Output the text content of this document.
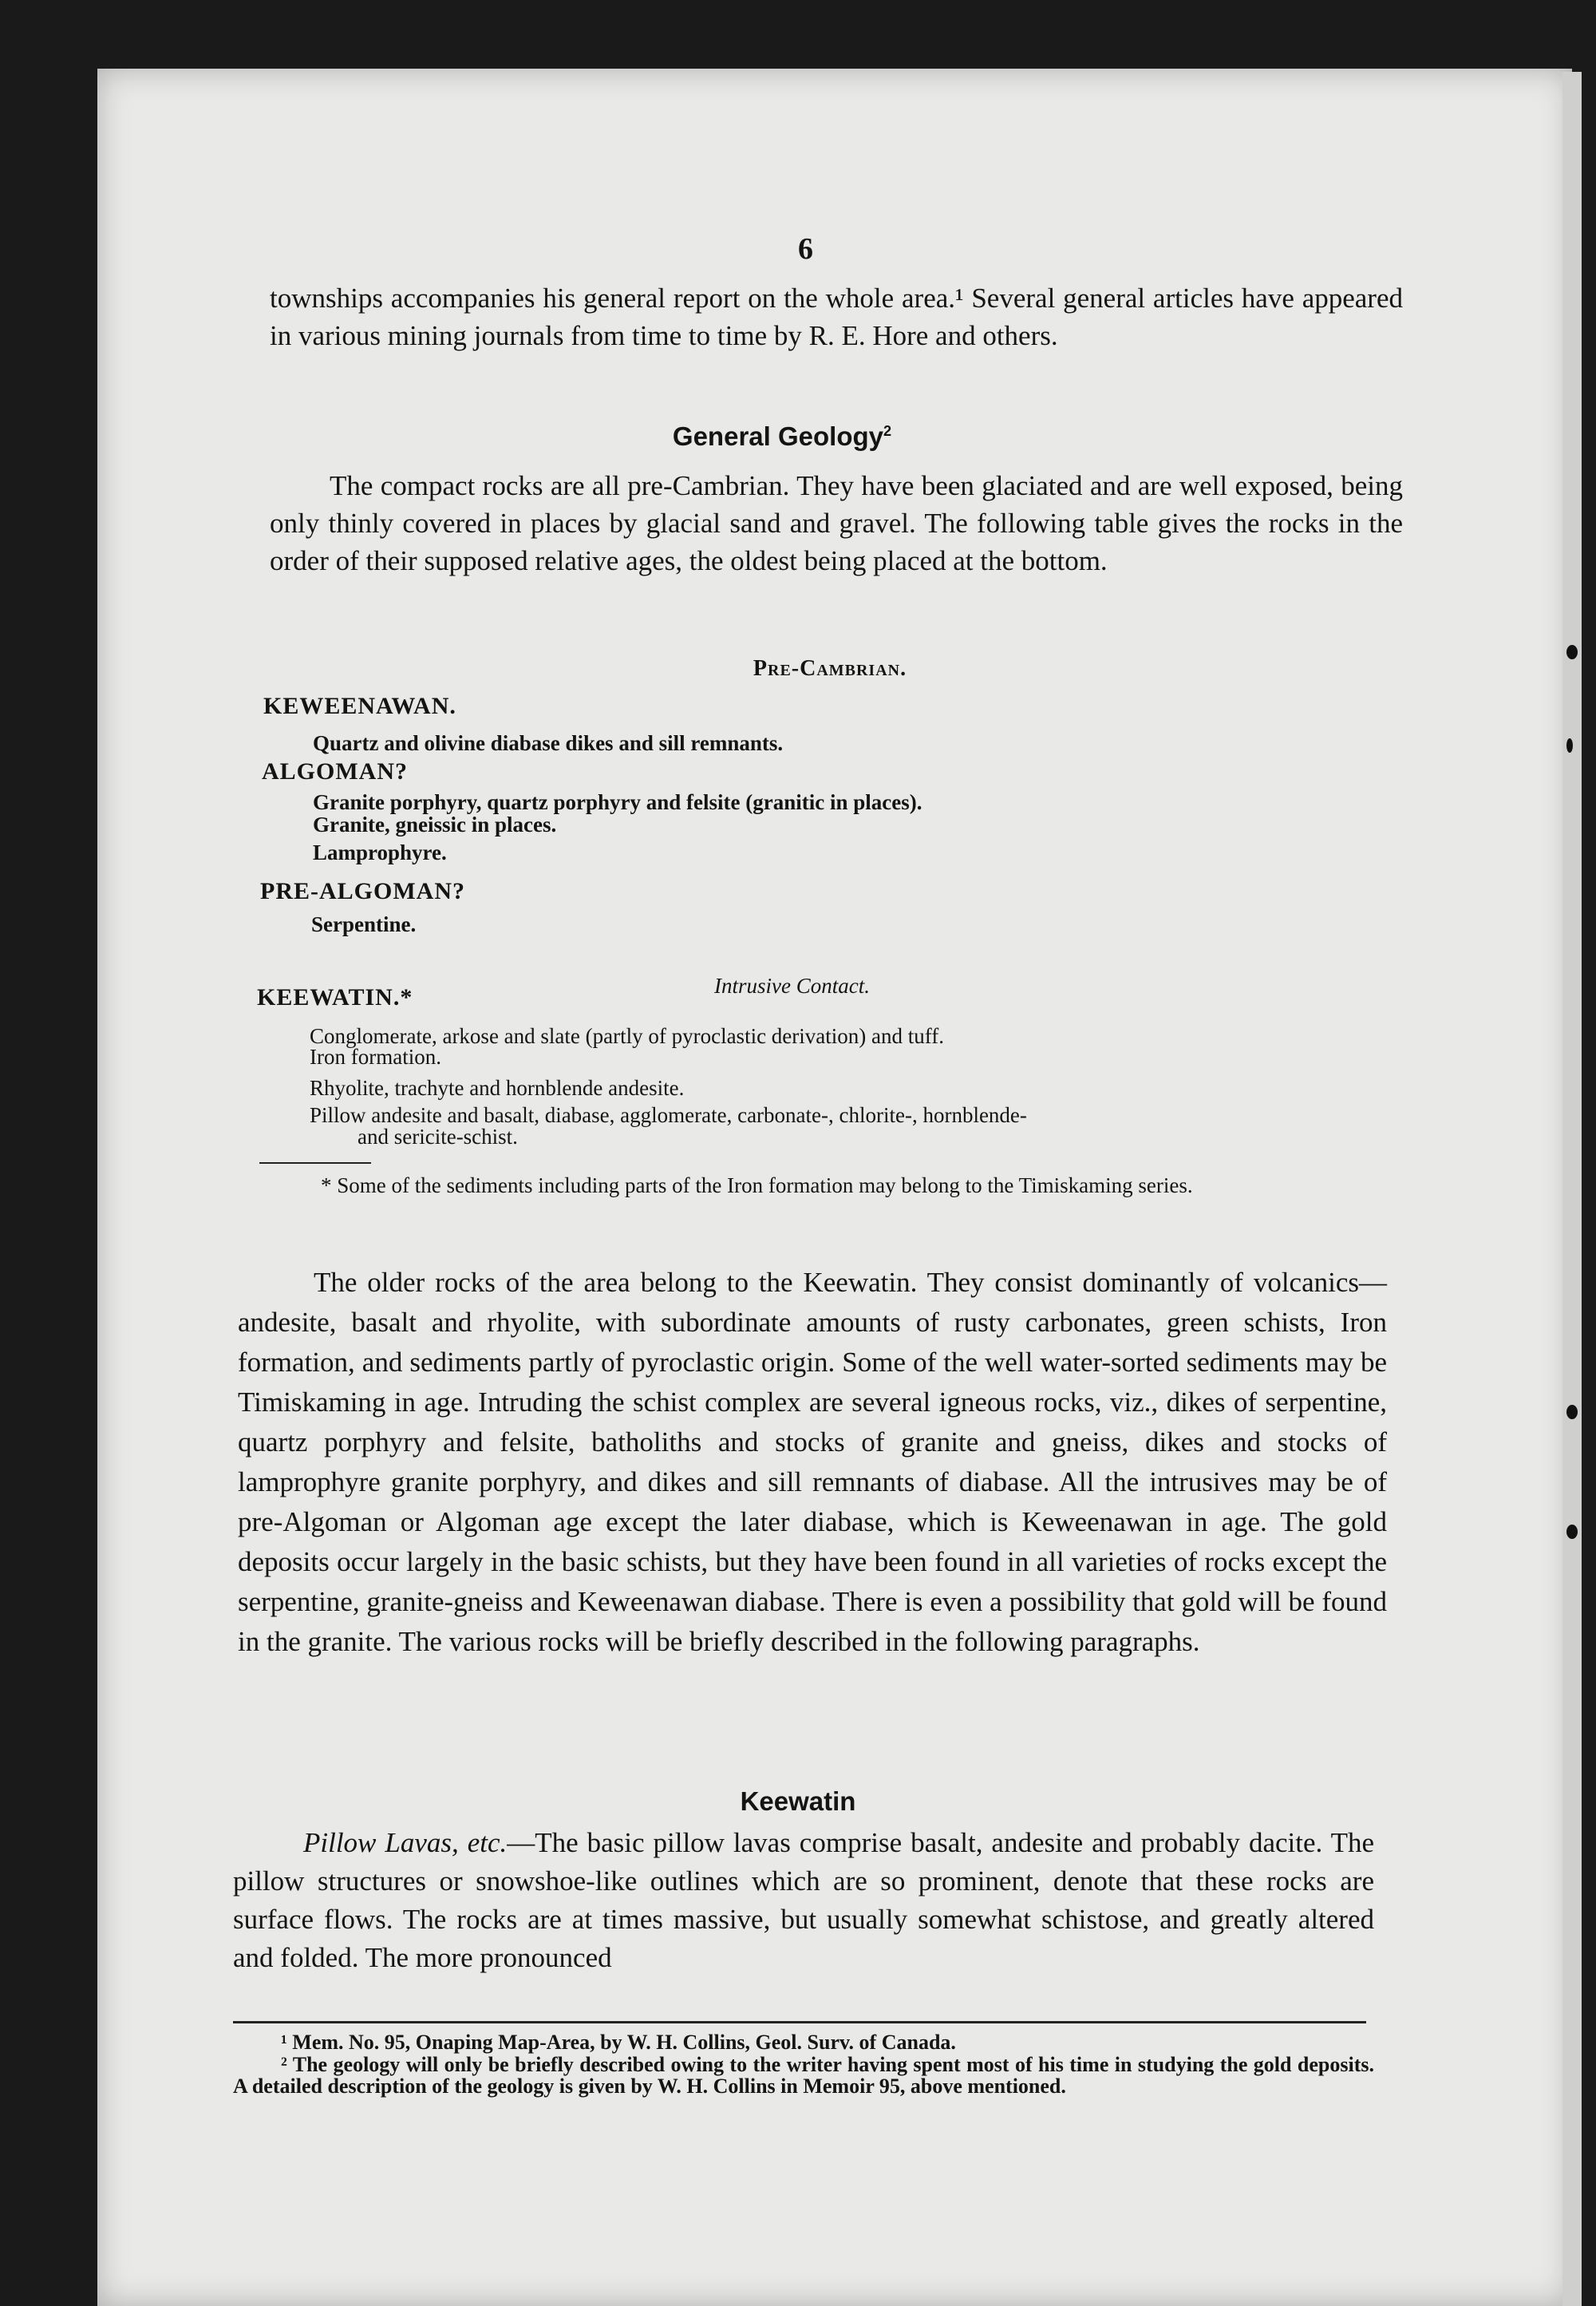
6

townships accompanies his general report on the whole area.¹ Several general articles have appeared in various mining journals from time to time by R. E. Hore and others.

General Geology$^2$

The compact rocks are all pre-Cambrian. They have been glaciated and are well exposed, being only thinly covered in places by glacial sand and gravel. The following table gives the rocks in the order of their supposed relative ages, the oldest being placed at the bottom.

Pre-Cambrian.
KEWEENAWAN.
Quartz and olivine diabase dikes and sill remnants.
ALGOMAN?
Granite porphyry, quartz porphyry and felsite (granitic in places).
Granite, gneissic in places.
Lamprophyre.
PRE-ALGOMAN?
Serpentine.
KEEWATIN.*	Intrusive Contact.
Conglomerate, arkose and slate (partly of pyroclastic derivation) and tuff.
Iron formation.
Rhyolite, trachyte and hornblende andesite.
Pillow andesite and basalt, diabase, agglomerate, carbonate-, chlorite-, hornblende-
and sericite-schist.

* Some of the sediments including parts of the Iron formation may belong to the Timiskaming series.

The older rocks of the area belong to the Keewatin. They consist dominantly of volcanics—andesite, basalt and rhyolite, with subordinate amounts of rusty carbonates, green schists, Iron formation, and sediments partly of pyroclastic origin. Some of the well water-sorted sediments may be Timiskaming in age. Intruding the schist complex are several igneous rocks, viz., dikes of serpentine, quartz porphyry and felsite, batholiths and stocks of granite and gneiss, dikes and stocks of lamprophyre granite porphyry, and dikes and sill remnants of diabase. All the intrusives may be of pre-Algoman or Algoman age except the later diabase, which is Keweenawan in age. The gold deposits occur largely in the basic schists, but they have been found in all varieties of rocks except the serpentine, granite-gneiss and Keweenawan diabase. There is even a possibility that gold will be found in the granite. The various rocks will be briefly described in the following paragraphs.

Keewatin

Pillow Lavas, etc.—The basic pillow lavas comprise basalt, andesite and probably dacite. The pillow structures or snowshoe-like outlines which are so prominent, denote that these rocks are surface flows. The rocks are at times massive, but usually somewhat schistose, and greatly altered and folded. The more pronounced

¹ Mem. No. 95, Onaping Map-Area, by W. H. Collins, Geol. Surv. of Canada.

² The geology will only be briefly described owing to the writer having spent most of his time in studying the gold deposits. A detailed description of the geology is given by W. H. Collins in Memoir 95, above mentioned.
